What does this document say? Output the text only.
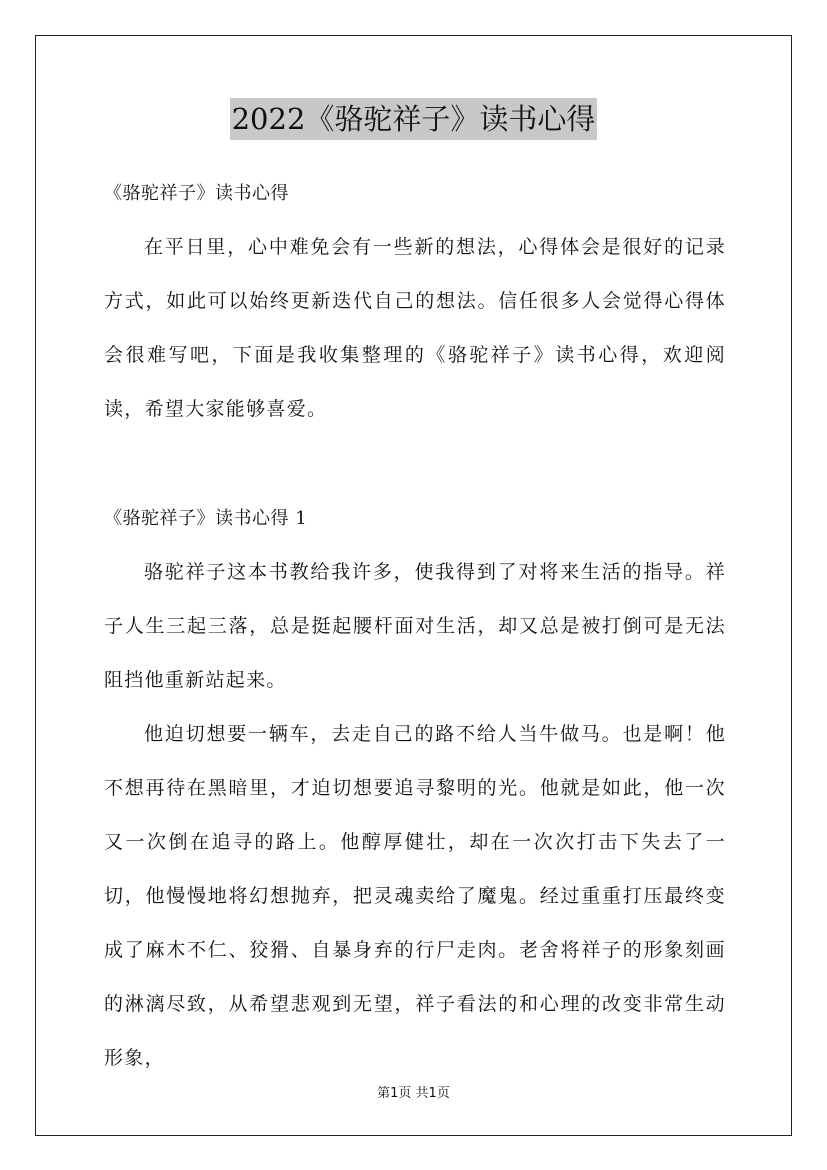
2022《骆驼祥子》读书心得
《骆驼祥子》读书心得

在平日里，心中难免会有一些新的想法，心得体会是很好的记录方式，如此可以始终更新迭代自己的想法。信任很多人会觉得心得体会很难写吧，下面是我收集整理的《骆驼祥子》读书心得，欢迎阅读，希望大家能够喜爱。

《骆驼祥子》读书心得 1

骆驼祥子这本书教给我许多，使我得到了对将来生活的指导。祥子人生三起三落，总是挺起腰杆面对生活，却又总是被打倒可是无法阻挡他重新站起来。

他迫切想要一辆车，去走自己的路不给人当牛做马。也是啊！他不想再待在黑暗里，才迫切想要追寻黎明的光。他就是如此，他一次又一次倒在追寻的路上。他醇厚健壮，却在一次次打击下失去了一切，他慢慢地将幻想抛弃，把灵魂卖给了魔鬼。经过重重打压最终变成了麻木不仁、狡猾、自暴身弃的行尸走肉。老舍将祥子的形象刻画的淋漓尽致，从希望悲观到无望，祥子看法的和心理的改变非常生动形象，

第1页 共1页
